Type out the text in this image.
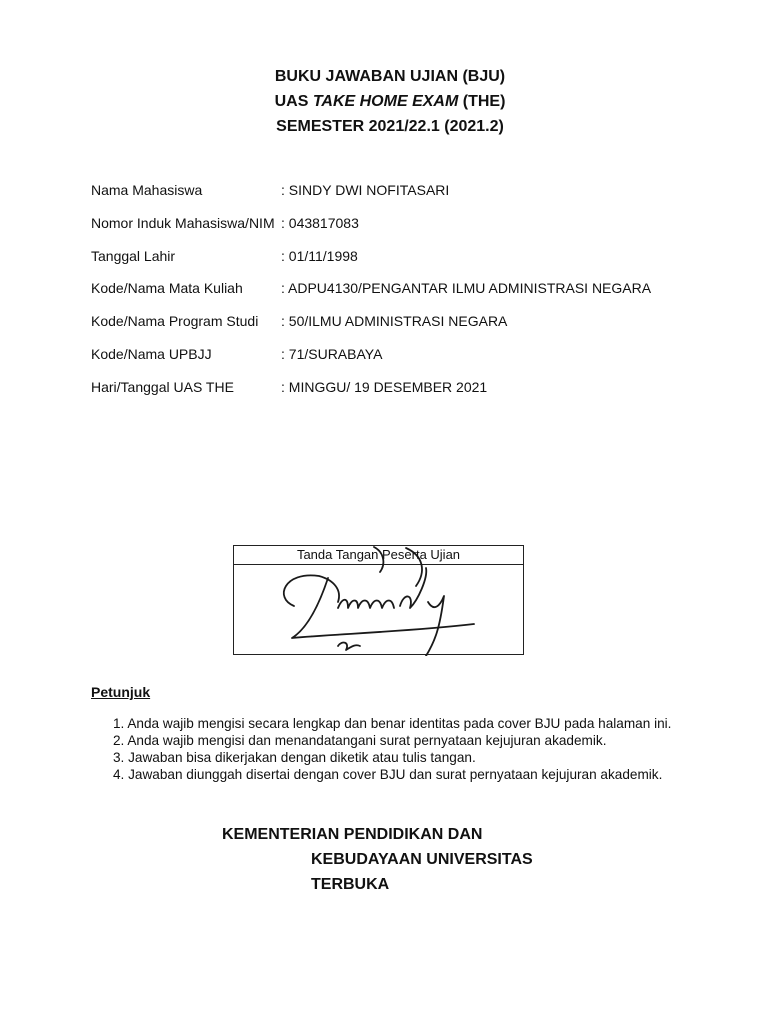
BUKU JAWABAN UJIAN (BJU)
UAS TAKE HOME EXAM (THE)
SEMESTER 2021/22.1 (2021.2)
Nama Mahasiswa	: SINDY DWI NOFITASARI
Nomor Induk Mahasiswa/NIM	: 043817083
Tanggal Lahir	: 01/11/1998
Kode/Nama Mata Kuliah	: ADPU4130/PENGANTAR ILMU ADMINISTRASI NEGARA
Kode/Nama Program Studi	: 50/ILMU ADMINISTRASI NEGARA
Kode/Nama UPBJJ	: 71/SURABAYA
Hari/Tanggal UAS THE	: MINGGU/ 19 DESEMBER 2021
Tanda Tangan Peserta Ujian
Petunjuk
1. Anda wajib mengisi secara lengkap dan benar identitas pada cover BJU pada halaman ini.
2. Anda wajib mengisi dan menandatangani surat pernyataan kejujuran akademik.
3. Jawaban bisa dikerjakan dengan diketik atau tulis tangan.
4. Jawaban diunggah disertai dengan cover BJU dan surat pernyataan kejujuran akademik.
KEMENTERIAN PENDIDIKAN DAN
KEBUDAYAAN UNIVERSITAS
TERBUKA
